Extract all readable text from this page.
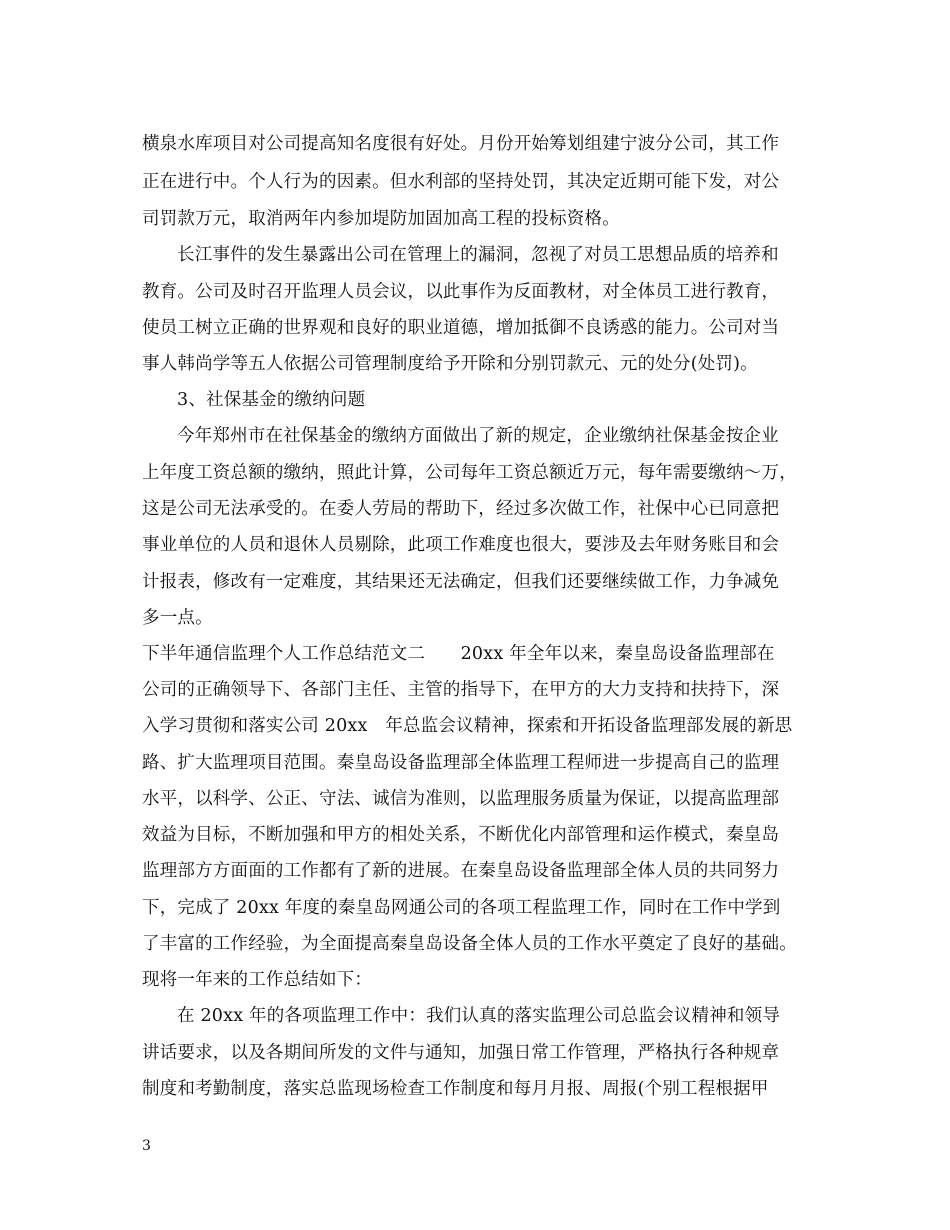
横泉水库项目对公司提高知名度很有好处。月份开始筹划组建宁波分公司，其工作
正在进行中。个人行为的因素。但水利部的坚持处罚，其决定近期可能下发，对公
司罚款万元，取消两年内参加堤防加固加高工程的投标资格。
长江事件的发生暴露出公司在管理上的漏洞，忽视了对员工思想品质的培养和
教育。公司及时召开监理人员会议，以此事作为反面教材，对全体员工进行教育，
使员工树立正确的世界观和良好的职业道德，增加抵御不良诱惑的能力。公司对当
事人韩尚学等五人依据公司管理制度给予开除和分别罚款元、元的处分(处罚)。
3、社保基金的缴纳问题
今年郑州市在社保基金的缴纳方面做出了新的规定，企业缴纳社保基金按企业
上年度工资总额的缴纳，照此计算，公司每年工资总额近万元，每年需要缴纳～万，
这是公司无法承受的。在委人劳局的帮助下，经过多次做工作，社保中心已同意把
事业单位的人员和退休人员剔除，此项工作难度也很大，要涉及去年财务账目和会
计报表，修改有一定难度，其结果还无法确定，但我们还要继续做工作，力争减免
多一点。
下半年通信监理个人工作总结范文二　　20xx 年全年以来，秦皇岛设备监理部在
公司的正确领导下、各部门主任、主管的指导下，在甲方的大力支持和扶持下，深
入学习贯彻和落实公司 20xx　年总监会议精神，探索和开拓设备监理部发展的新思
路、扩大监理项目范围。秦皇岛设备监理部全体监理工程师进一步提高自己的监理
水平，以科学、公正、守法、诚信为准则，以监理服务质量为保证，以提高监理部
效益为目标，不断加强和甲方的相处关系，不断优化内部管理和运作模式，秦皇岛
监理部方方面面的工作都有了新的进展。在秦皇岛设备监理部全体人员的共同努力
下，完成了 20xx 年度的秦皇岛网通公司的各项工程监理工作，同时在工作中学到
了丰富的工作经验，为全面提高秦皇岛设备全体人员的工作水平奠定了良好的基础。
现将一年来的工作总结如下：
在 20xx 年的各项监理工作中：我们认真的落实监理公司总监会议精神和领导
讲话要求，以及各期间所发的文件与通知，加强日常工作管理，严格执行各种规章
制度和考勤制度，落实总监现场检查工作制度和每月月报、周报(个别工程根据甲
3
